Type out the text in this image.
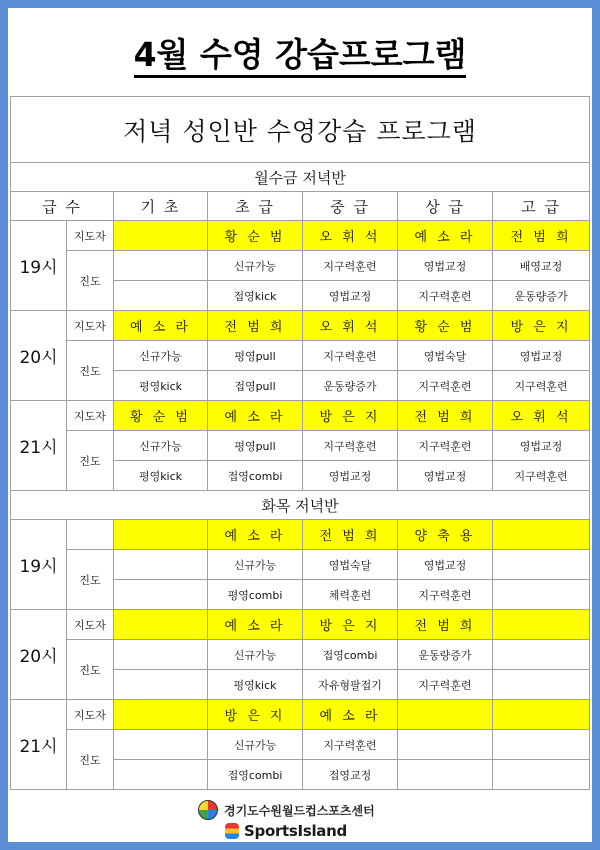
4월 수영 강습프로그램
저녁 성인반 수영강습 프로그램						
월수금 저녁반						
급 수		기 초	초 급	중 급	상 급	고 급
19시	지도자		황 순 범	오 휘 석	예 소 라	전 범 희
	진도		신규가능	지구력훈련	영법교정	배영교정
			접영kick	영법교정	지구력훈련	운동량증가
20시	지도자	예 소 라	전 범 희	오 휘 석	황 순 범	방 은 지
	진도	신규가능	평영pull	지구력훈련	영법숙달	영법교정
		평영kick	접영pull	운동량증가	지구력훈련	지구력훈련
21시	지도자	황 순 범	예 소 라	방 은 지	전 범 희	오 휘 석
	진도	신규가능	평영pull	지구력훈련	지구력훈련	영법교정
		평영kick	접영combi	영법교정	영법교정	지구력훈련
화목 저녁반						
19시			예 소 라	전 범 희	양 축 용	
	진도		신규가능	영법숙달	영법교정	
			평영combi	체력훈련	지구력훈련	
20시	지도자		예 소 라	방 은 지	전 범 희	
	진도		신규가능	접영combi	운동량증가	
			평영kick	자유형팔접기	지구력훈련	
21시	지도자		방 은 지	예 소 라		
	진도		신규가능	지구력훈련		
			접영combi	접영교정		
경기도수원월드컵스포츠센터
SportsIsland
